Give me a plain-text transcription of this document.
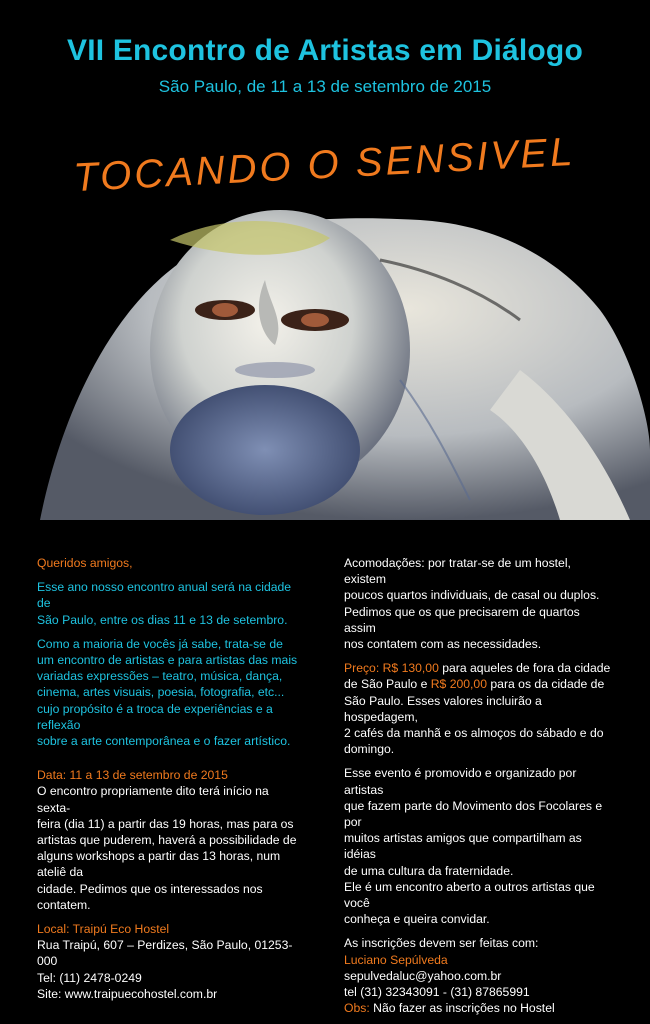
VII Encontro de Artistas em Diálogo
São Paulo, de 11 a 13 de setembro de 2015
TOCANDO O SENSIVEL

Queridos amigos,

Esse ano nosso encontro anual será na cidade de
São Paulo, entre os dias 11 e 13 de setembro.

Como a maioria de vocês já sabe, trata-se de
um encontro de artistas e para artistas das mais
variadas expressões – teatro, música, dança,
cinema, artes visuais, poesia, fotografia, etc...
cujo propósito é a troca de experiências e a reflexão
sobre a arte contemporânea e o fazer artístico.

Data: 11 a 13 de setembro de 2015
O encontro propriamente dito terá início na sexta-
feira (dia 11) a partir das 19 horas, mas para os
artistas que puderem, haverá a possibilidade de
alguns workshops a partir das 13 horas, num ateliê da
cidade. Pedimos que os interessados nos contatem.

Local: Traipú Eco Hostel
Rua Traipú, 607 – Perdizes, São Paulo, 01253-000
Tel: (11) 2478-0249
Site: www.traipuecohostel.com.br

Acomodações: por tratar-se de um hostel, existem
poucos quartos individuais, de casal ou duplos.
Pedimos que os que precisarem de quartos assim
nos contatem com as necessidades.

Preço: R$ 130,00 para aqueles de fora da cidade
de São Paulo e R$ 200,00 para os da cidade de
São Paulo. Esses valores incluirão a hospedagem,
2 cafés da manhã e os almoços do sábado e do
domingo.

Esse evento é promovido e organizado por artistas
que fazem parte do Movimento dos Focolares e por
muitos artistas amigos que compartilham as idéias
de uma cultura da fraternidade.
Ele é um encontro aberto a outros artistas que você
conheça e queira convidar.

As inscrições devem ser feitas com:
Luciano Sepúlveda
sepulvedaluc@yahoo.com.br
tel (31) 32343091 - (31) 87865991
Obs: Não fazer as inscrições no Hostel
